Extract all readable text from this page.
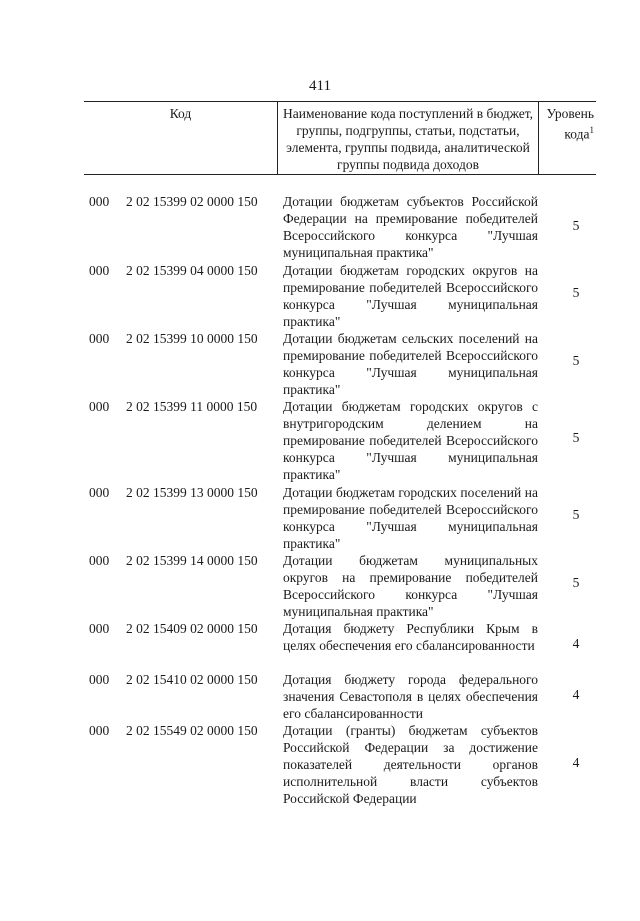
411
Код	Наименование кода поступлений в бюджет, группы, подгруппы, статьи, подстатьи, элемента, группы подвида, аналитической группы подвида доходов
Уровень кода$^1$
000 2 02 15399 02 0000 150 Дотации бюджетам субъектов Российской Федерации на премирование победителей Всероссийского конкурса "Лучшая муниципальная практика"
5
000 2 02 15399 04 0000 150 Дотации бюджетам городских округов на премирование победителей Всероссийского конкурса "Лучшая муниципальная практика"
5
000 2 02 15399 10 0000 150 Дотации бюджетам сельских поселений на премирование победителей Всероссийского конкурса "Лучшая муниципальная практика"
5
000 2 02 15399 11 0000 150 Дотации бюджетам городских округов с внутригородским делением на премирование победителей Всероссийского конкурса "Лучшая муниципальная практика"
5
000 2 02 15399 13 0000 150 Дотации бюджетам городских поселений на премирование победителей Всероссийского конкурса "Лучшая муниципальная практика"
5
000 2 02 15399 14 0000 150 Дотации бюджетам муниципальных округов на премирование победителей Всероссийского конкурса "Лучшая муниципальная практика"
5
000 2 02 15409 02 0000 150 Дотация бюджету Республики Крым в целях обеспечения его сбалансированности	4
000 2 02 15410 02 0000 150 Дотация бюджету города федерального значения Севастополя в целях обеспечения его сбалансированности
4
000 2 02 15549 02 0000 150 Дотации (гранты) бюджетам субъектов Российской Федерации за достижение показателей деятельности органов исполнительной власти субъектов Российской Федерации
4
